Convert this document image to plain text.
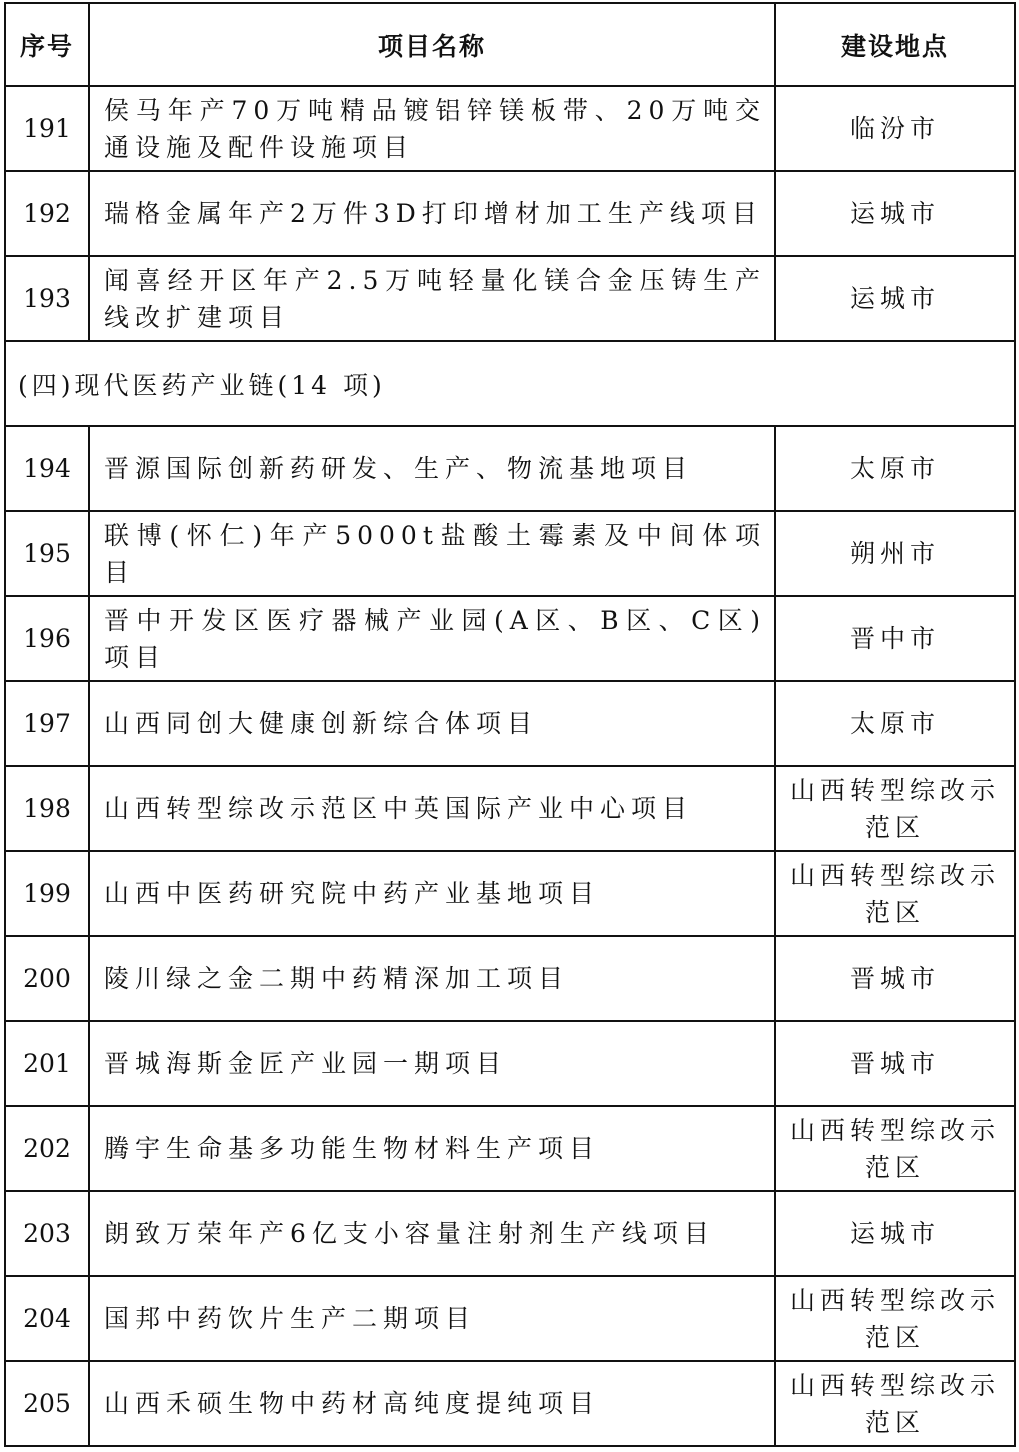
序号	项目名称	建设地点
191	侯马年产70万吨精品镀铝锌镁板带、20万吨交通设施及配件设施项目	临汾市
192	瑞格金属年产2万件3D打印增材加工生产线项目	运城市
193	闻喜经开区年产2.5万吨轻量化镁合金压铸生产线改扩建项目	运城市
(四)现代医药产业链(14 项)		
194	晋源国际创新药研发、生产、物流基地项目	太原市
195	联博(怀仁)年产5000t盐酸土霉素及中间体项目	朔州市
196	晋中开发区医疗器械产业园(A区、B区、C区)项目	晋中市
197	山西同创大健康创新综合体项目	太原市
198	山西转型综改示范区中英国际产业中心项目	山西转型综改示范区
199	山西中医药研究院中药产业基地项目	山西转型综改示范区
200	陵川绿之金二期中药精深加工项目	晋城市
201	晋城海斯金匠产业园一期项目	晋城市
202	腾宇生命基多功能生物材料生产项目	山西转型综改示范区
203	朗致万荣年产6亿支小容量注射剂生产线项目	运城市
204	国邦中药饮片生产二期项目	山西转型综改示范区
205	山西禾硕生物中药材高纯度提纯项目	山西转型综改示范区
